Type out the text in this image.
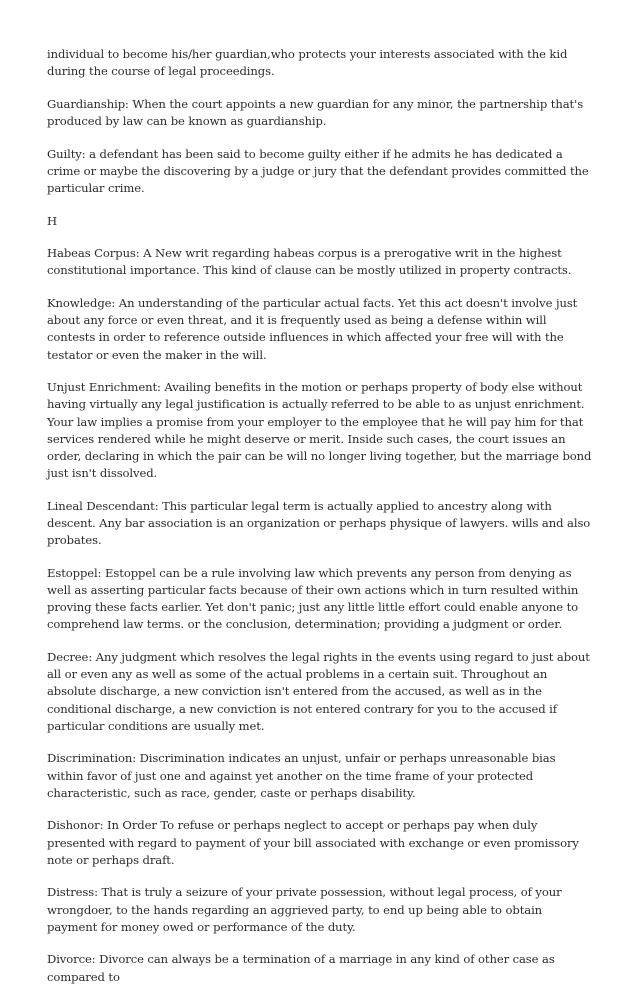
individual to become his/her guardian,who protects your interests associated with the kid during the course of legal proceedings.

Guardianship: When the court appoints a new guardian for any minor, the partnership that's produced by law can be known as guardianship.

Guilty: a defendant has been said to become guilty either if he admits he has dedicated a crime or maybe the discovering by a judge or jury that the defendant provides committed the particular crime.

H

Habeas Corpus: A New writ regarding habeas corpus is a prerogative writ in the highest constitutional importance. This kind of clause can be mostly utilized in property contracts.

Knowledge: An understanding of the particular actual facts. Yet this act doesn't involve just about any force or even threat, and it is frequently used as being a defense within will contests in order to reference outside influences in which affected your free will with the testator or even the maker in the will.

Unjust Enrichment: Availing benefits in the motion or perhaps property of body else without having virtually any legal justification is actually referred to be able to as unjust enrichment. Your law implies a promise from your employer to the employee that he will pay him for that services rendered while he might deserve or merit. Inside such cases, the court issues an order, declaring in which the pair can be will no longer living together, but the marriage bond just isn't dissolved.

Lineal Descendant: This particular legal term is actually applied to ancestry along with descent. Any bar association is an organization or perhaps physique of lawyers. wills and also probates.

Estoppel: Estoppel can be a rule involving law which prevents any person from denying as well as asserting particular facts because of their own actions which in turn resulted within proving these facts earlier. Yet don't panic; just any little little effort could enable anyone to comprehend law terms. or the conclusion, determination; providing a judgment or order.

Decree: Any judgment which resolves the legal rights in the events using regard to just about all or even any as well as some of the actual problems in a certain suit. Throughout an absolute discharge, a new conviction isn't entered from the accused, as well as in the conditional discharge, a new conviction is not entered contrary for you to the accused if particular conditions are usually met.

Discrimination: Discrimination indicates an unjust, unfair or perhaps unreasonable bias within favor of just one and against yet another on the time frame of your protected characteristic, such as race, gender, caste or perhaps disability.

Dishonor: In Order To refuse or perhaps neglect to accept or perhaps pay when duly presented with regard to payment of your bill associated with exchange or even promissory note or perhaps draft.

Distress: That is truly a seizure of your private possession, without legal process, of your wrongdoer, to the hands regarding an aggrieved party, to end up being able to obtain payment for money owed or performance of the duty.

Divorce: Divorce can always be a termination of a marriage in any kind of other case as compared to
